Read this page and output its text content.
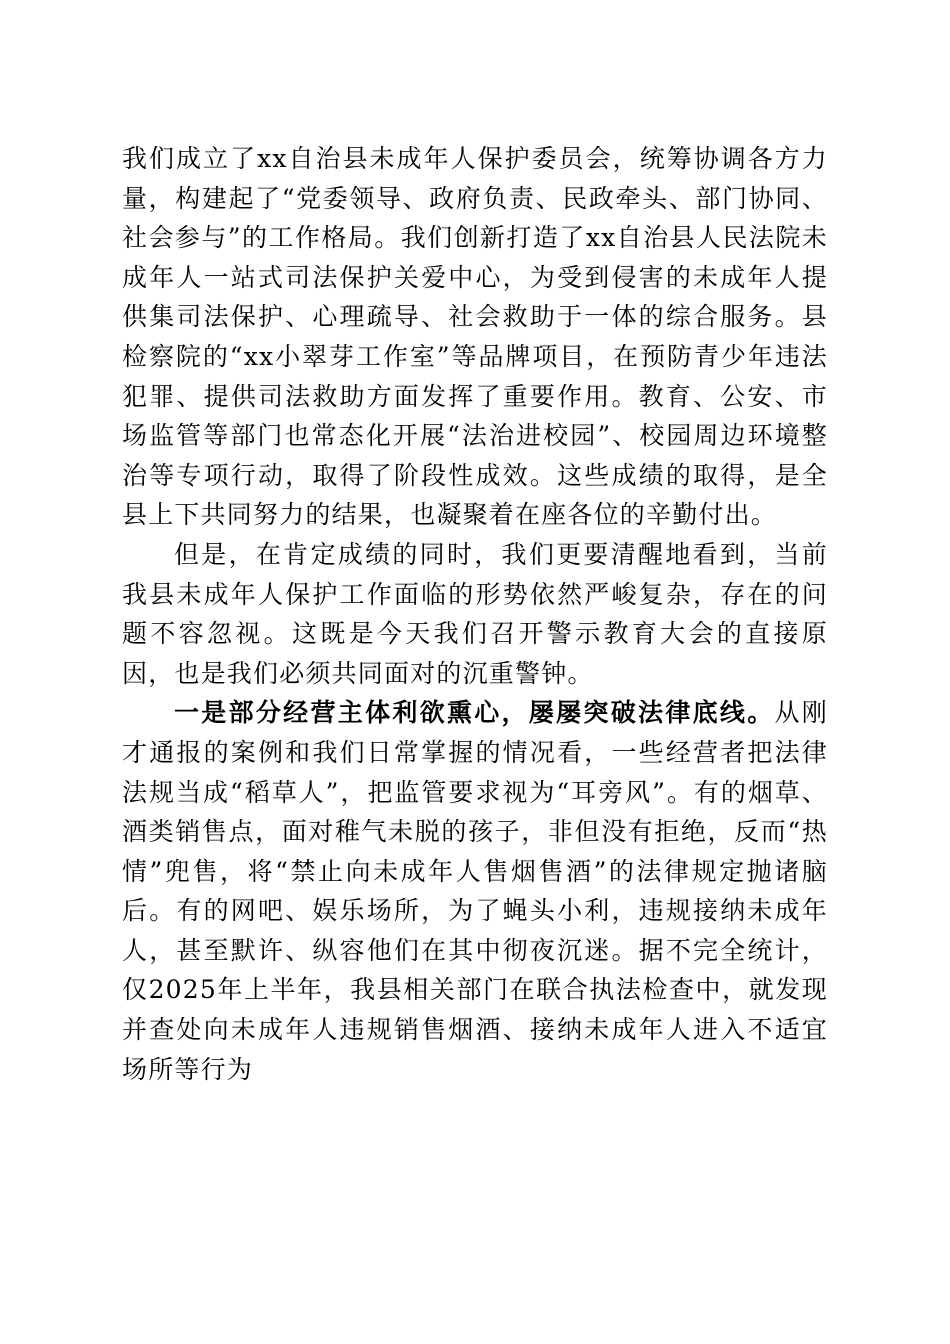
我们成立了xx自治县未成年人保护委员会，统筹协调各方力量，构建起了“党委领导、政府负责、民政牵头、部门协同、社会参与”的工作格局。我们创新打造了xx自治县人民法院未成年人一站式司法保护关爱中心，为受到侵害的未成年人提供集司法保护、心理疏导、社会救助于一体的综合服务。县检察院的“xx小翠芽工作室”等品牌项目，在预防青少年违法犯罪、提供司法救助方面发挥了重要作用。教育、公安、市场监管等部门也常态化开展“法治进校园”、校园周边环境整治等专项行动，取得了阶段性成效。这些成绩的取得，是全县上下共同努力的结果，也凝聚着在座各位的辛勤付出。

但是，在肯定成绩的同时，我们更要清醒地看到，当前我县未成年人保护工作面临的形势依然严峻复杂，存在的问题不容忽视。这既是今天我们召开警示教育大会的直接原因，也是我们必须共同面对的沉重警钟。

一是部分经营主体利欲熏心，屡屡突破法律底线。从刚才通报的案例和我们日常掌握的情况看，一些经营者把法律法规当成“稻草人”，把监管要求视为“耳旁风”。有的烟草、酒类销售点，面对稚气未脱的孩子，非但没有拒绝，反而“热情”兜售，将“禁止向未成年人售烟售酒”的法律规定抛诸脑后。有的网吧、娱乐场所，为了蝇头小利，违规接纳未成年人，甚至默许、纵容他们在其中彻夜沉迷。据不完全统计，仅2025年上半年，我县相关部门在联合执法检查中，就发现并查处向未成年人违规销售烟酒、接纳未成年人进入不适宜场所等行为
